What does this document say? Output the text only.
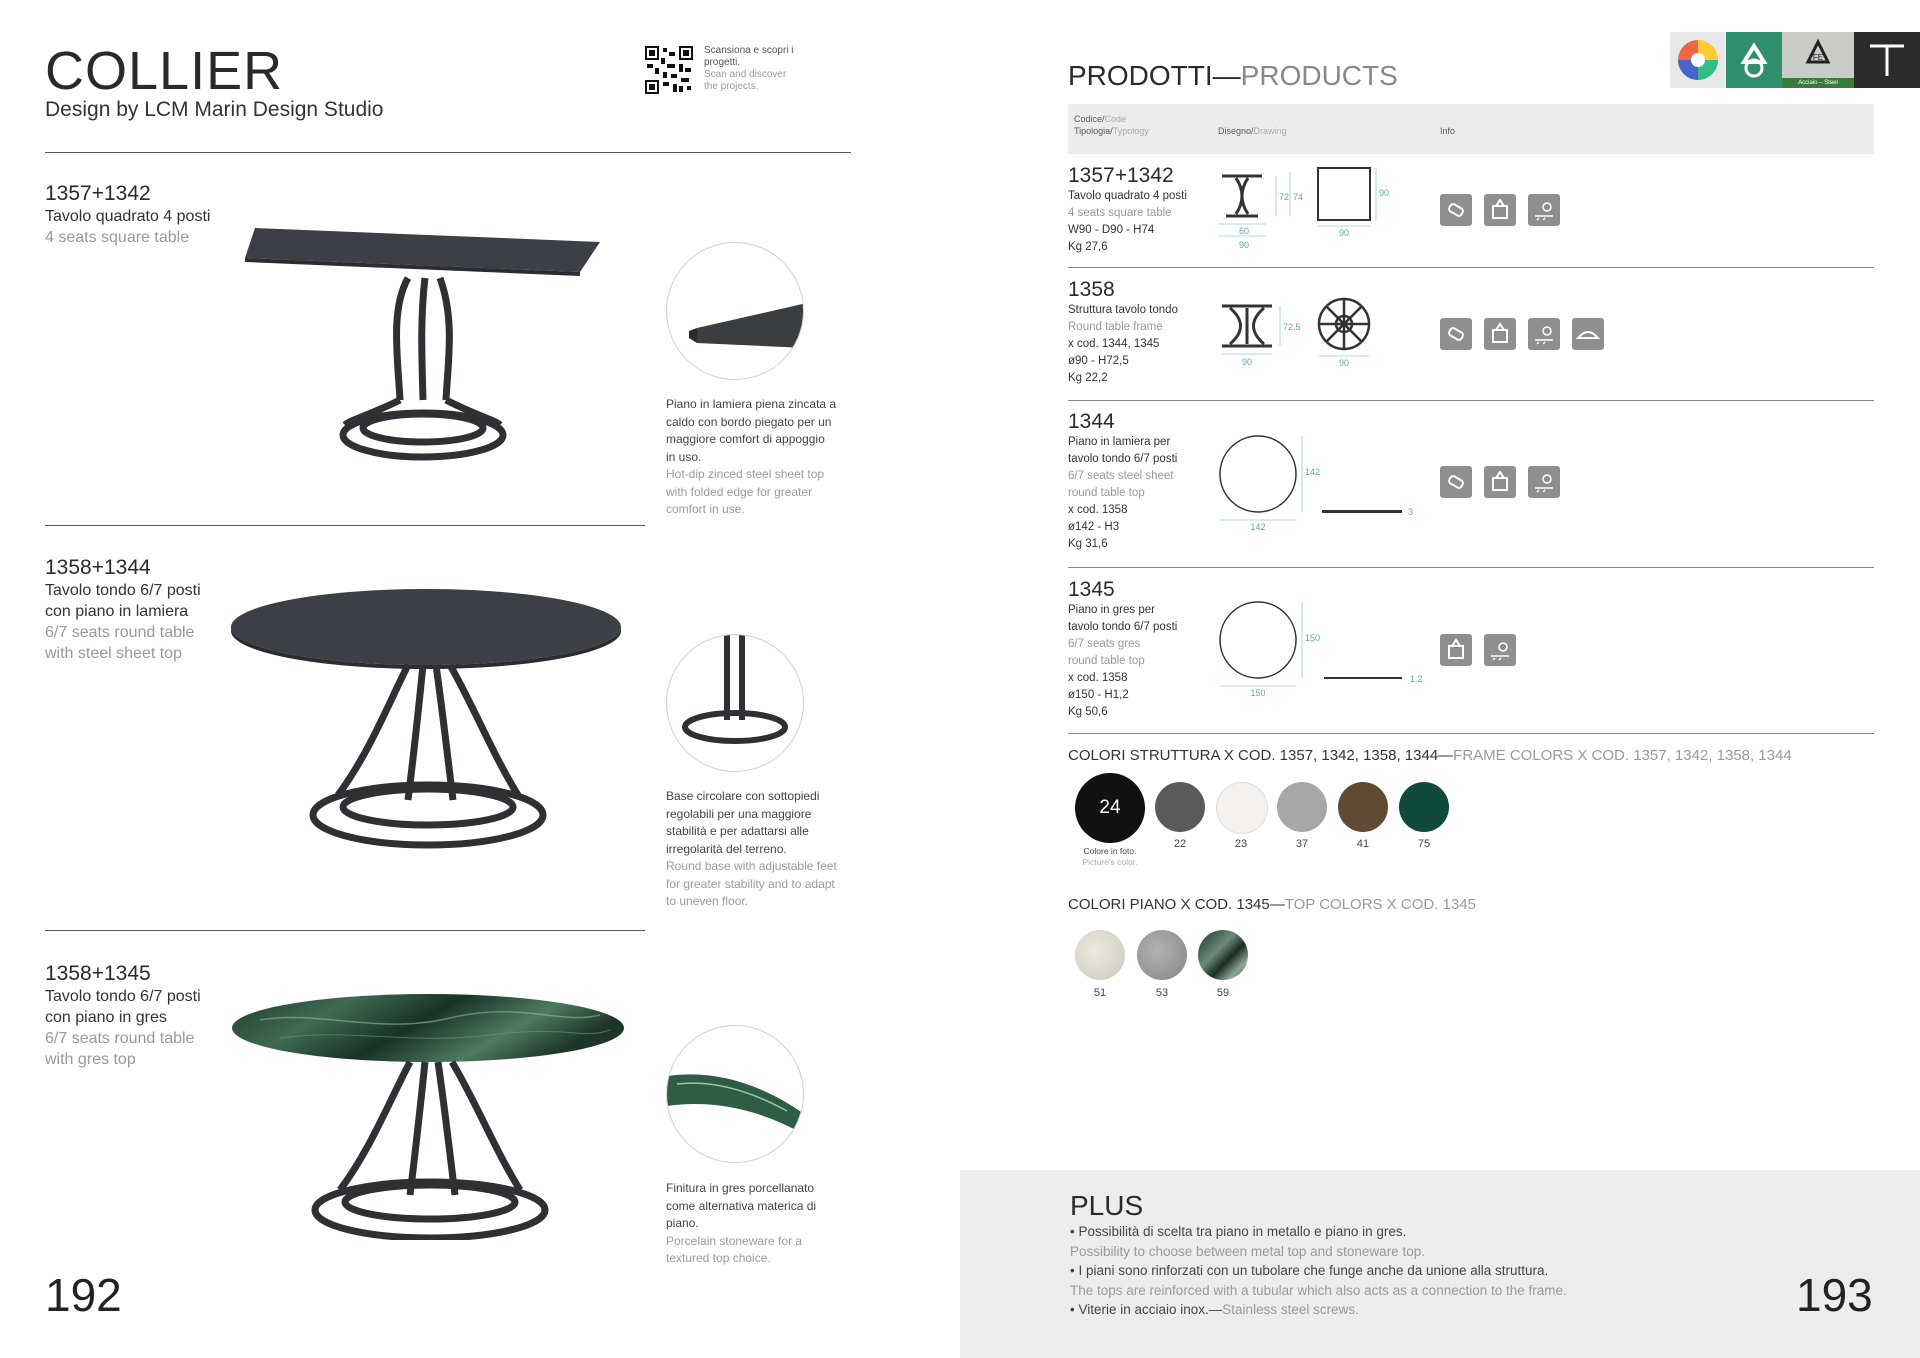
COLLIER
Design by LCM Marin Design Studio
Scansiona e scopri i progetti.
Scan and discover the projects.
1357+1342
Tavolo quadrato 4 posti
4 seats square table
Piano in lamiera piena zincata a
caldo con bordo piegato per un
maggiore comfort di appoggio
in uso.
Hot-dip zinced steel sheet top
with folded edge for greater
comfort in use.
1358+1344
Tavolo tondo 6/7 posti
con piano in lamiera
6/7 seats round table
with steel sheet top
Base circolare con sottopiedi
regolabili per una maggiore
stabilità e per adattarsi alle
irregolarità del terreno.
Round base with adjustable feet
for greater stability and to adapt
to uneven floor.
1358+1345
Tavolo tondo 6/7 posti
con piano in gres
6/7 seats round table
with gres top
Finitura in gres porcellanato
come alternativa materica di
piano.
Porcelain stoneware for a
textured top choice.
192
FE
Acciaio – Steel
PRODOTTI—PRODUCTS
Codice/Code
Tipologia/Typology	Disegno/Drawing	Info
1357+1342
Tavolo quadrato 4 posti
4 seats square table
W90 - D90 - H74
Kg 27,6
72 74
60
90
90
90
1358
Struttura tavolo tondo
Round table frame
x cod. 1344, 1345
ø90 - H72,5
Kg 22,2
72.5
90	90
1344
Piano in lamiera per
tavolo tondo 6/7 posti
6/7 seats steel sheet
round table top
x cod. 1358
ø142 - H3
Kg 31,6
142
142
3
1345
Piano in gres per
tavolo tondo 6/7 posti
6/7 seats gres
round table top
x cod. 1358
ø150 - H1,2
Kg 50,6
150
150
1.2
COLORI STRUTTURA X COD. 1357, 1342, 1358, 1344—FRAME COLORS X COD. 1357, 1342, 1358, 1344
24
Colore in foto.
Picture's color.
22	23	37	41	75
COLORI PIANO X COD. 1345—TOP COLORS X COD. 1345
51	53	59
PLUS
• Possibilità di scelta tra piano in metallo e piano in gres.
Possibility to choose between metal top and stoneware top.
• I piani sono rinforzati con un tubolare che funge anche da unione alla struttura.
The tops are reinforced with a tubular which also acts as a connection to the frame.
• Viterie in acciaio inox.—Stainless steel screws.	193
